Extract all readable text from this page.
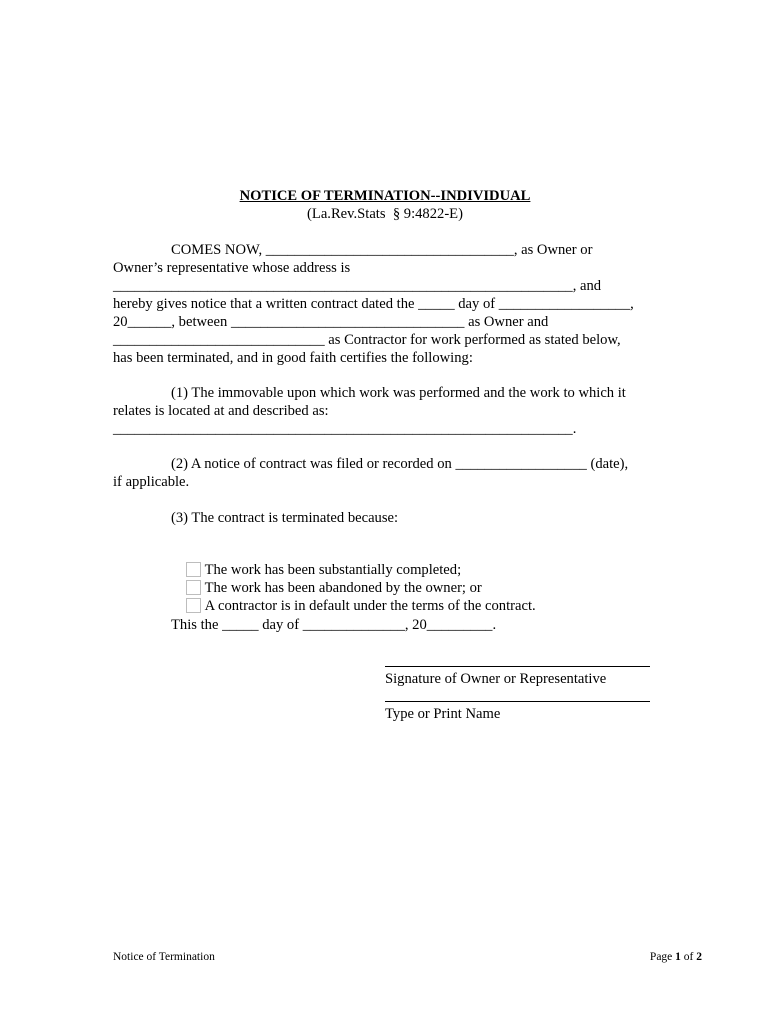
NOTICE OF TERMINATION--INDIVIDUAL
(La.Rev.Stats  § 9:4822-E)
COMES NOW, __________________________________, as Owner or
Owner’s representative whose address is
_______________________________________________________________, and
hereby gives notice that a written contract dated the _____ day of __________________,
20______, between ________________________________ as Owner and
_____________________________ as Contractor for work performed as stated below,
has been terminated, and in good faith certifies the following:
(1) The immovable upon which work was performed and the work to which it
relates is located at and described as:
_______________________________________________________________.
(2) A notice of contract was filed or recorded on __________________ (date),
if applicable.
(3) The contract is terminated because:

The work has been substantially completed;

The work has been abandoned by the owner; or

A contractor is in default under the terms of the contract.

This the _____ day of ______________, 20_________.
Signature of Owner or Representative
Type or Print Name
Notice of Termination	Page 1 of 2
